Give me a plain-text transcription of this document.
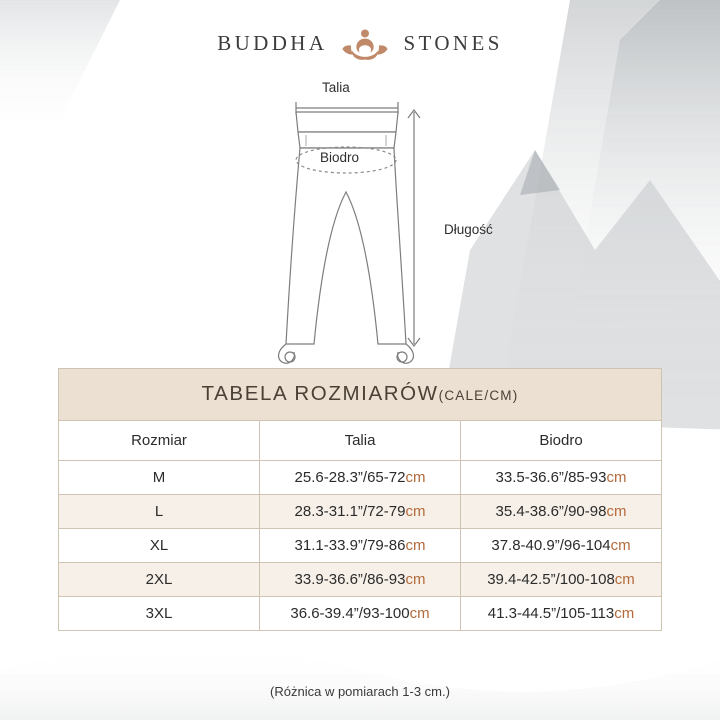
BUDDHA	STONES
Talia
Biodro
Długość
TABELA ROZMIARÓW(CALE/CM)		
Rozmiar	Talia	Biodro
M	25.6-28.3”/65-72cm	33.5-36.6”/85-93cm
L	28.3-31.1”/72-79cm	35.4-38.6”/90-98cm
XL	31.1-33.9”/79-86cm	37.8-40.9”/96-104cm
2XL	33.9-36.6”/86-93cm	39.4-42.5”/100-108cm
3XL	36.6-39.4”/93-100cm	41.3-44.5”/105-113cm
(Różnica w pomiarach 1-3 cm.)
